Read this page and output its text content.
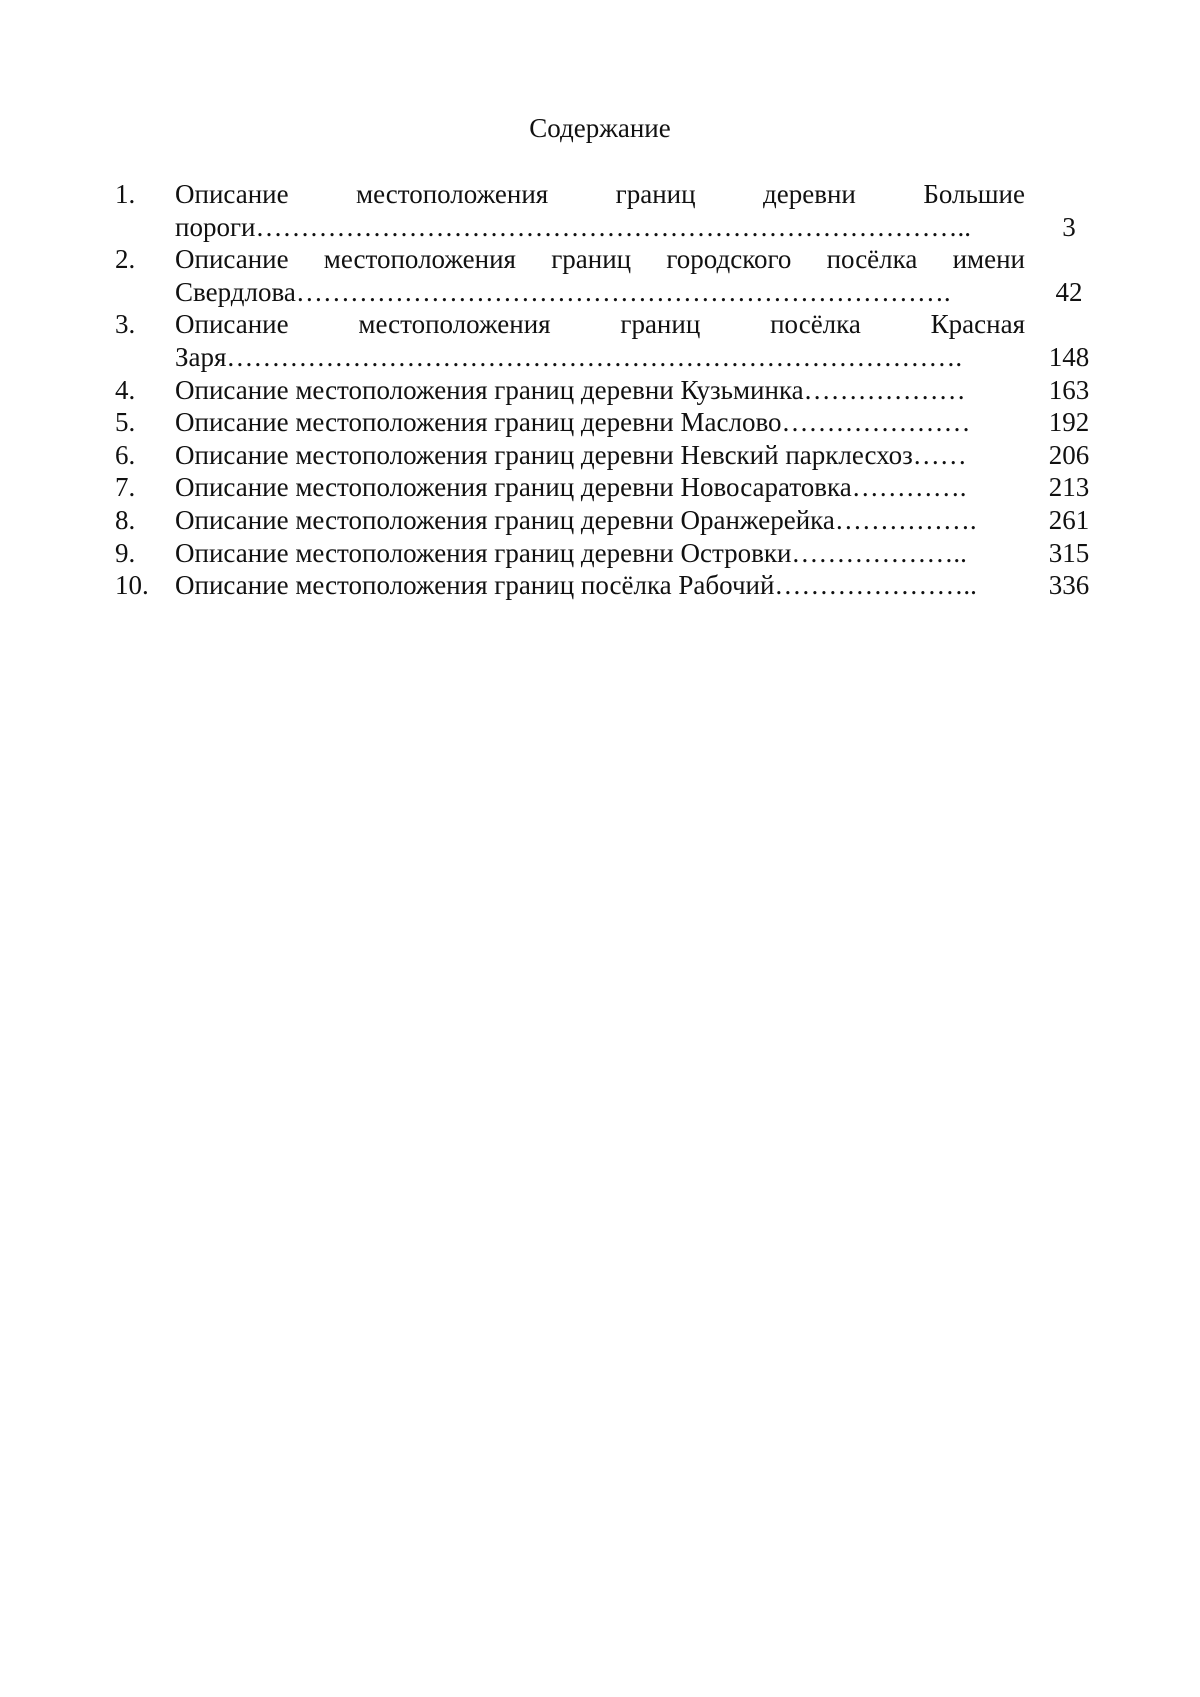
Содержание
1.	Описание местоположения границ деревни Большие пороги……………………………………………………………………..	3
2.	Описание местоположения границ городского посёлка имени Свердлова……………………………………………………………….	42
3.	Описание местоположения границ посёлка Красная Заря……………………………………………………………………….	148
4.	Описание местоположения границ деревни Кузьминка………………	163
5.	Описание местоположения границ деревни Маслово…………………	192
6.	Описание местоположения границ деревни Невский парклесхоз……	206
7.	Описание местоположения границ деревни Новосаратовка………….	213
8.	Описание местоположения границ деревни Оранжерейка…………….	261
9.	Описание местоположения границ деревни Островки………………..	315
10. Описание местоположения границ посёлка Рабочий…………………..	336
